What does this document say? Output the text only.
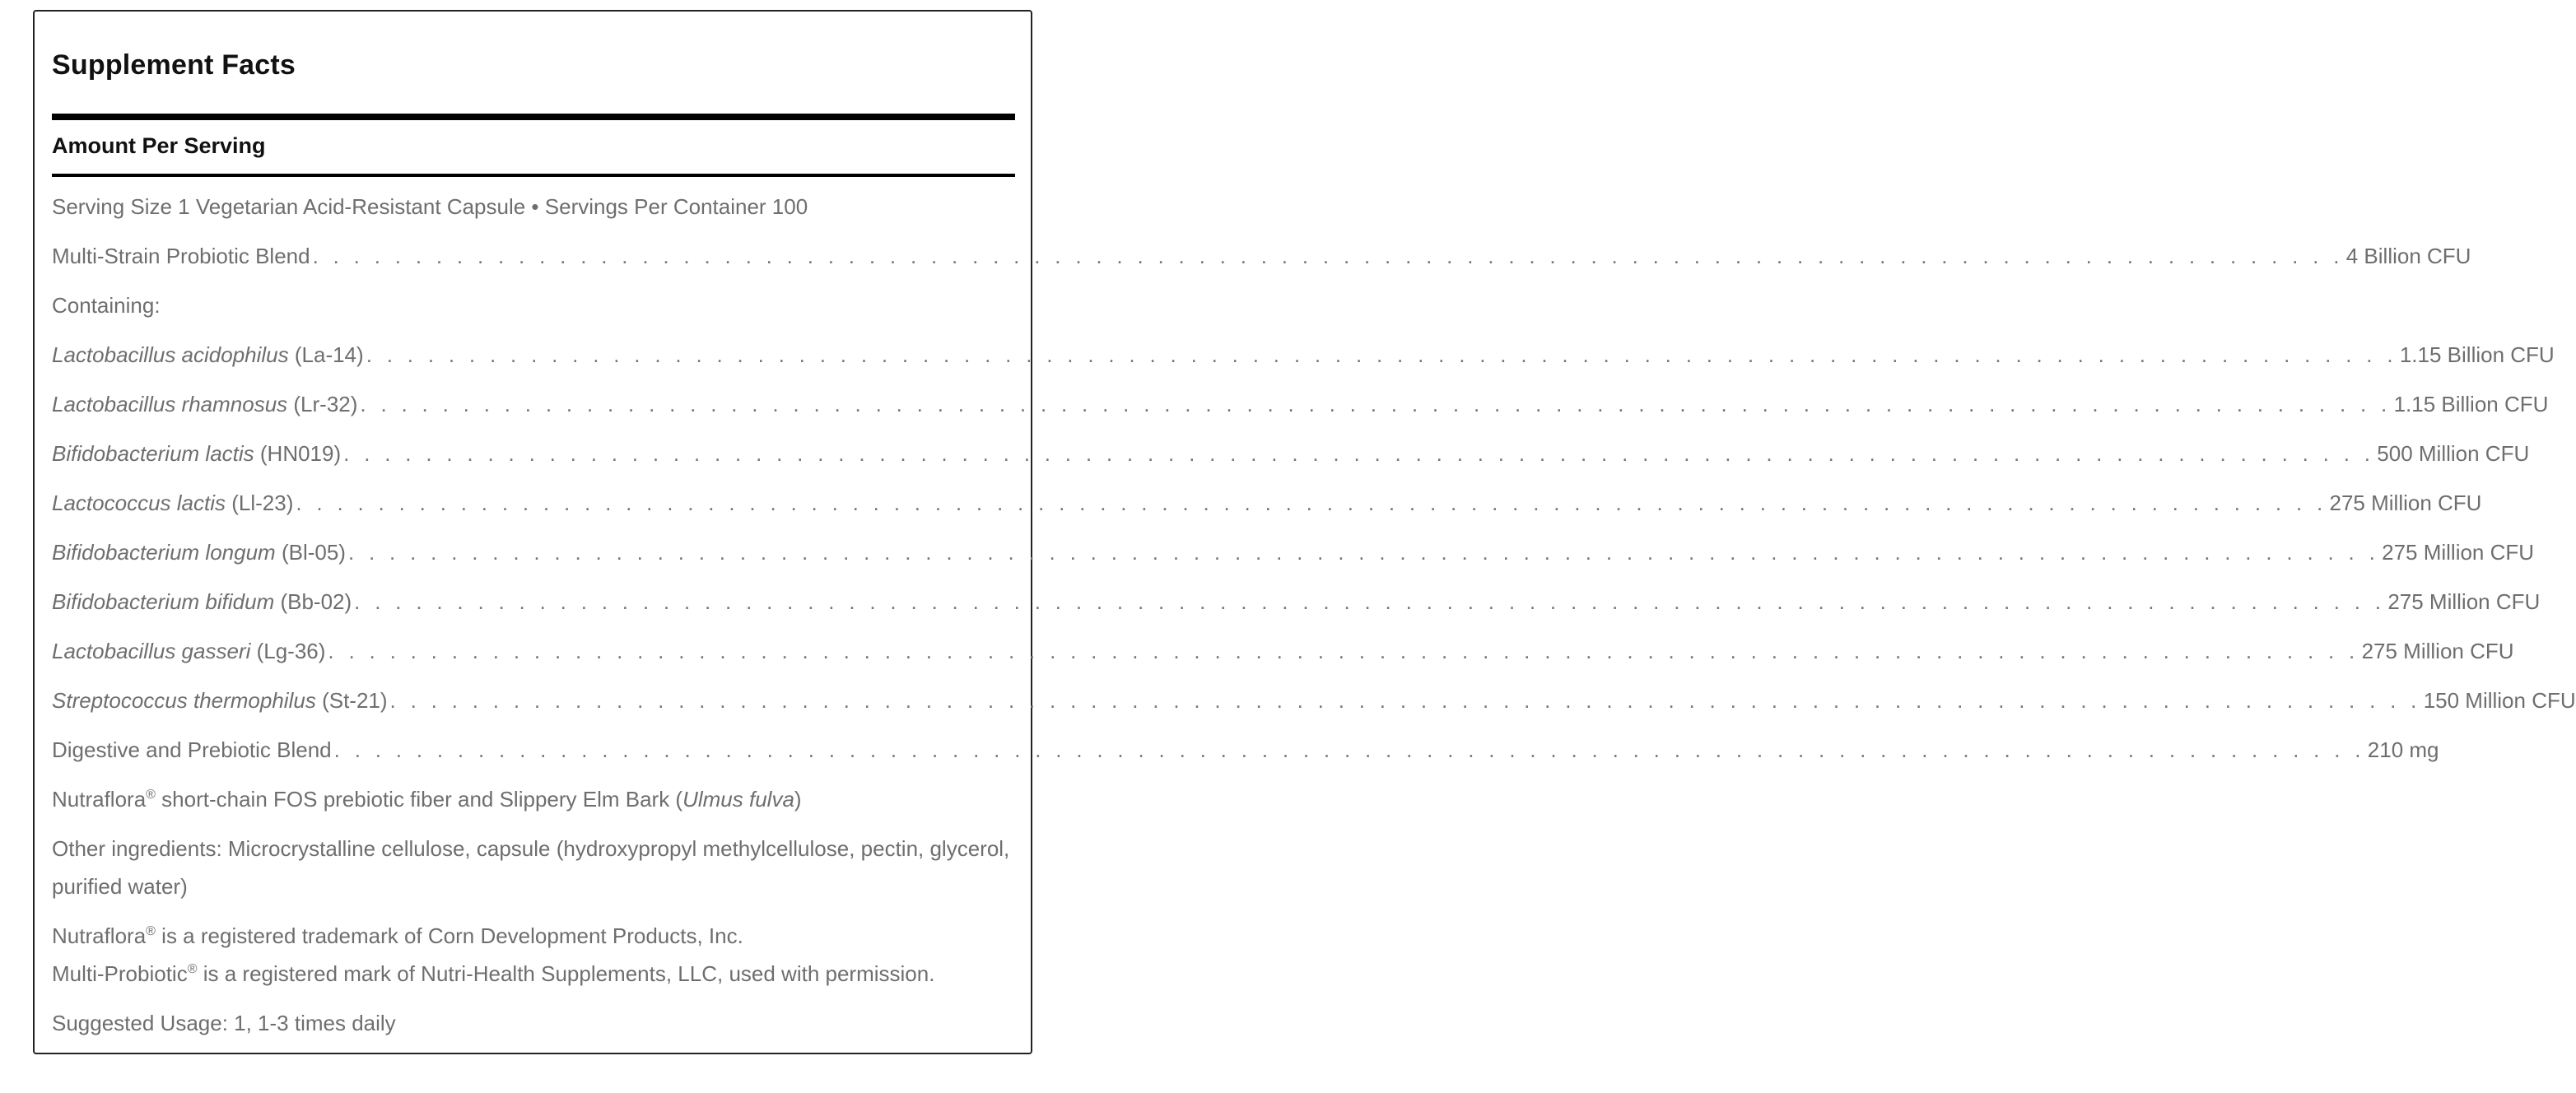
Supplement Facts
Amount Per Serving
Serving Size 1 Vegetarian Acid-Resistant Capsule • Servings Per Container 100
Multi-Strain Probiotic Blend . . . . . . . . . . . . . . . . . . . . . . . . . . . . . . . . . . . . . . . . . . . . . . . . . . . . . . . . . . . . . . . . . . . . . . . . . . . . . . . . . . . . . . . . . . . . . . . . . . . 4 Billion CFU
Containing:
Lactobacillus acidophilus (La-14) . . . . . . . . . . . . . . . . . . . . . . . . . . . . . . . . . . . . . . . . . . . . . . . . . . . . . . . . . . . . . . . . . . . . . . . . . . . . . . . . . . . . . . . . . . . . . . . . . . . 1.15 Billion CFU
Lactobacillus rhamnosus (Lr-32) . . . . . . . . . . . . . . . . . . . . . . . . . . . . . . . . . . . . . . . . . . . . . . . . . . . . . . . . . . . . . . . . . . . . . . . . . . . . . . . . . . . . . . . . . . . . . . . . . . . 1.15 Billion CFU
Bifidobacterium lactis (HN019) . . . . . . . . . . . . . . . . . . . . . . . . . . . . . . . . . . . . . . . . . . . . . . . . . . . . . . . . . . . . . . . . . . . . . . . . . . . . . . . . . . . . . . . . . . . . . . . . . . . 500 Million CFU
Lactococcus lactis (Ll-23) . . . . . . . . . . . . . . . . . . . . . . . . . . . . . . . . . . . . . . . . . . . . . . . . . . . . . . . . . . . . . . . . . . . . . . . . . . . . . . . . . . . . . . . . . . . . . . . . . . . 275 Million CFU
Bifidobacterium longum (Bl-05) . . . . . . . . . . . . . . . . . . . . . . . . . . . . . . . . . . . . . . . . . . . . . . . . . . . . . . . . . . . . . . . . . . . . . . . . . . . . . . . . . . . . . . . . . . . . . . . . . . . 275 Million CFU
Bifidobacterium bifidum (Bb-02) . . . . . . . . . . . . . . . . . . . . . . . . . . . . . . . . . . . . . . . . . . . . . . . . . . . . . . . . . . . . . . . . . . . . . . . . . . . . . . . . . . . . . . . . . . . . . . . . . . . 275 Million CFU
Lactobacillus gasseri (Lg-36) . . . . . . . . . . . . . . . . . . . . . . . . . . . . . . . . . . . . . . . . . . . . . . . . . . . . . . . . . . . . . . . . . . . . . . . . . . . . . . . . . . . . . . . . . . . . . . . . . . . 275 Million CFU
Streptococcus thermophilus (St-21) . . . . . . . . . . . . . . . . . . . . . . . . . . . . . . . . . . . . . . . . . . . . . . . . . . . . . . . . . . . . . . . . . . . . . . . . . . . . . . . . . . . . . . . . . . . . . . . . . . . 150 Million CFU
Digestive and Prebiotic Blend . . . . . . . . . . . . . . . . . . . . . . . . . . . . . . . . . . . . . . . . . . . . . . . . . . . . . . . . . . . . . . . . . . . . . . . . . . . . . . . . . . . . . . . . . . . . . . . . . . . 210 mg
Nutraflora® short-chain FOS prebiotic fiber and Slippery Elm Bark (Ulmus fulva)
Other ingredients: Microcrystalline cellulose, capsule (hydroxypropyl methylcellulose, pectin, glycerol, purified water)
Nutraflora® is a registered trademark of Corn Development Products, Inc.
Multi-Probiotic® is a registered mark of Nutri-Health Supplements, LLC, used with permission.
Suggested Usage: 1, 1-3 times daily
